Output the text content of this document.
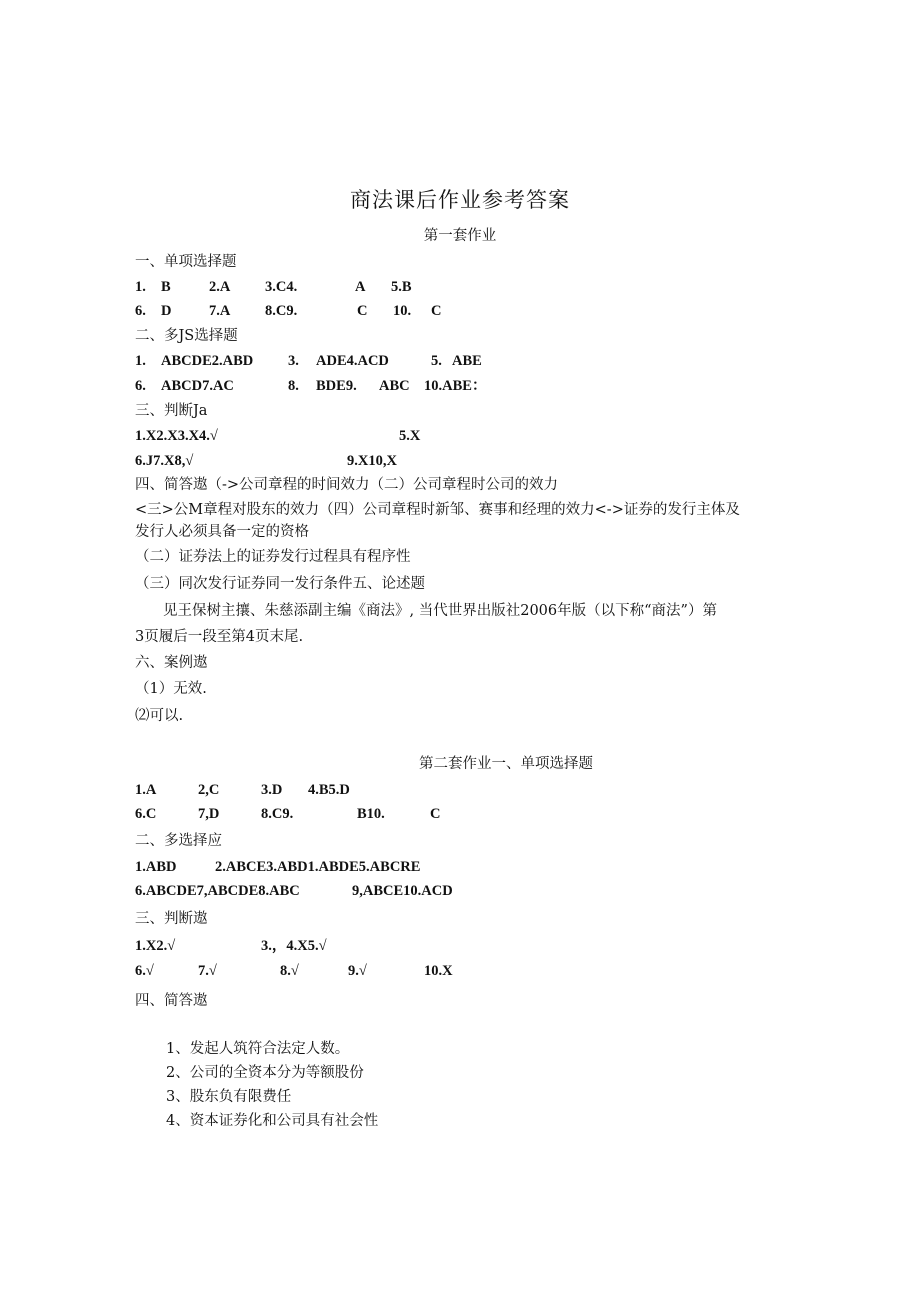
商法课后作业参考答案
第一套作业
一、单项选择题
1. B	2.A 3.C4.	A 5.B
6. D	7.A 8.C9.	C 10. C
二、多JS选择题
1. ABCDE2.ABD 3. ADE4.ACD	5. ABE
6. ABCD7.AC	8. BDE9. ABC 10.ABE：
三、判断Ja
1.X2.X3.X4.√	5.X
6.J7.X8,√	9.X10,X
四、简答遨（->公司章程的时间效力（二）公司章程时公司的效力
<三>公M章程对股东的效力（四）公司章程时新邹、赛事和经理的效力<->证券的发行主体及
发行人必须具备一定的资格
（二）证券法上的证券发行过程具有程序性
（三）同次发行证券同一发行条件五、论述题
见王保树主攘、朱慈添副主编《商法》, 当代世界出版社2006年版（以下称“商法”）第
3页履后一段至第4页末尾.
六、案例遨
（1）无效.
⑵可以.
第二套作业一、单项选择题
1.A	2,C	3.D 4.B5.D
6.C	7,D	8.C9.	B10.	C
二、多选择应
1.ABD	2.ABCE3.ABD1.ABDE5.ABCRE
6.ABCDE7,ABCDE8.ABC	9,ABCE10.ACD
三、判断遨
1.X2.√	3.，4.X5.√
6.√	7.√	8.√	9.√	10.X
四、简答遨
1、发起人筑符合法定人数。
2、公司的全资本分为等额股份
3、股东负有限费任
4、资本证券化和公司具有社会性
